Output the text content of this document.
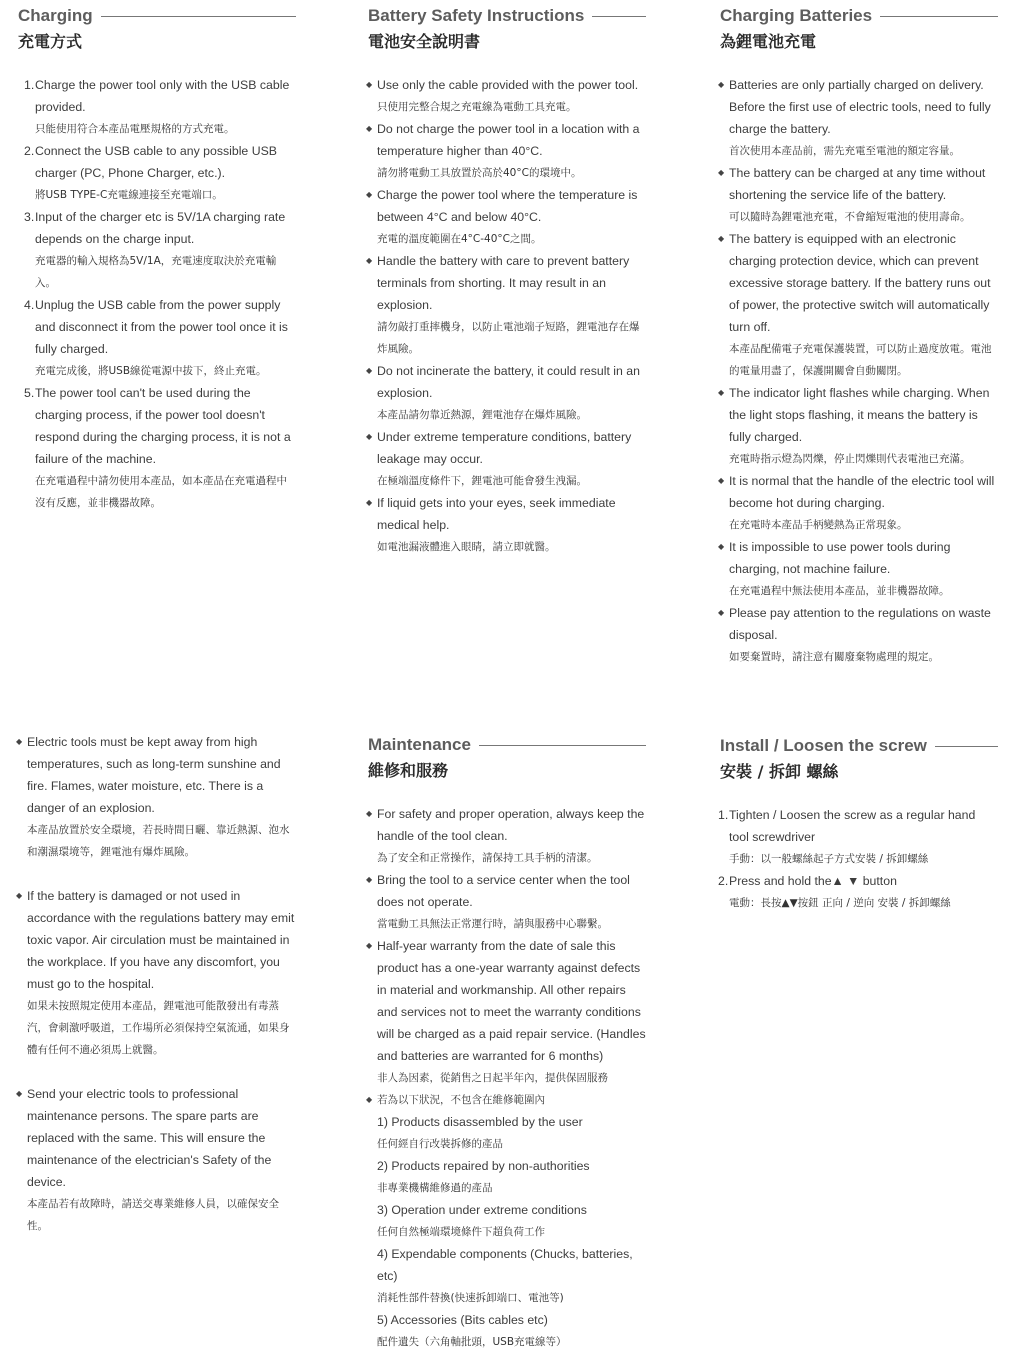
Charging
充電方式
1. Charge the power tool only with the USB cable provided.
只能使用符合本產品電壓規格的方式充電。
2. Connect the USB cable to any possible USB charger (PC, Phone Charger, etc.).
將USB TYPE-C充電線連接至充電端口。
3. Input of the charger etc is 5V/1A charging rate depends on the charge input.
充電器的輸入規格為5V/1A，充電速度取決於充電輸入。
4. Unplug the USB cable from the power supply and disconnect it from the power tool once it is fully charged.
充電完成後，將USB線從電源中拔下，終止充電。
5. The power tool can't be used during the charging process, if the power tool doesn't respond during the charging process, it is not a failure of the machine.
在充電過程中請勿使用本產品，如本產品在充電過程中沒有反應，並非機器故障。
Battery Safety Instructions
電池安全說明書
◆ Use only the cable provided with the power tool.
只使用完整合規之充電線為電動工具充電。
◆ Do not charge the power tool in a location with a temperature higher than 40°C.
請勿將電動工具放置於高於40°C的環境中。
◆ Charge the power tool where the temperature is between 4°C and below 40°C.
充電的溫度範圍在4°C-40°C之間。
◆ Handle the battery with care to prevent battery terminals from shorting. It may result in an explosion.
請勿敲打重摔機身，以防止電池端子短路，鋰電池存在爆炸風險。
◆ Do not incinerate the battery, it could result in an explosion.
本產品請勿靠近熱源，鋰電池存在爆炸風險。
◆ Under extreme temperature conditions, battery leakage may occur.
在極端溫度條件下，鋰電池可能會發生洩漏。
◆ If liquid gets into your eyes, seek immediate medical help.
如電池漏液體進入眼睛，請立即就醫。
Charging Batteries
為鋰電池充電
◆ Batteries are only partially charged on delivery. Before the first use of electric tools, need to fully charge the battery.
首次使用本產品前，需先充電至電池的額定容量。
◆ The battery can be charged at any time without shortening the service life of the battery.
可以隨時為鋰電池充電，不會縮短電池的使用壽命。
◆ The battery is equipped with an electronic charging protection device, which can prevent excessive storage battery. If the battery runs out of power, the protective switch will automatically turn off.
本產品配備電子充電保護裝置，可以防止過度放電。電池的電量用盡了，保護開關會自動關閉。
◆ The indicator light flashes while charging. When the light stops flashing, it means the battery is fully charged.
充電時指示燈為閃爍，停止閃爍則代表電池已充滿。
◆ It is normal that the handle of the electric tool will become hot during charging.
在充電時本產品手柄變熱為正常現象。
◆ It is impossible to use power tools during charging, not machine failure.
在充電過程中無法使用本產品，並非機器故障。
◆ Please pay attention to the regulations on waste disposal.
如要棄置時，請注意有關廢棄物處理的規定。
◆ Electric tools must be kept away from high temperatures, such as long-term sunshine and fire. Flames, water moisture, etc. There is a danger of an explosion.
本產品放置於安全環境，若長時間日曬、靠近熱源、泡水和潮濕環境等，鋰電池有爆炸風險。
◆ If the battery is damaged or not used in accordance with the regulations battery may emit toxic vapor. Air circulation must be maintained in the workplace. If you have any discomfort, you must go to the hospital.
如果未按照規定使用本產品，鋰電池可能散發出有毒蒸汽，會刺激呼吸道，工作場所必須保持空氣流通，如果身體有任何不適必須馬上就醫。
◆ Send your electric tools to professional maintenance persons. The spare parts are replaced with the same. This will ensure the maintenance of the electrician's Safety of the device.
本產品若有故障時，請送交專業維修人員，以確保安全性。
Maintenance
維修和服務
◆ For safety and proper operation, always keep the handle of the tool clean.
為了安全和正常操作，請保持工具手柄的清潔。
◆ Bring the tool to a service center when the tool does not operate.
當電動工具無法正常運行時，請與服務中心聯繫。
◆ Half-year warranty from the date of sale this product has a one-year warranty against defects in material and workmanship. All other repairs and services not to meet the warranty conditions will be charged as a paid repair service. (Handles and batteries are warranted for 6 months)
非人為因素，從銷售之日起半年內，提供保固服務
◆ 若為以下狀況，不包含在維修範圍內
1) Products disassembled by the user
任何經自行改裝拆修的產品
2) Products repaired by non-authorities
非專業機構維修過的產品
3) Operation under extreme conditions
任何自然極端環境條件下超負荷工作
4) Expendable components (Chucks, batteries, etc)
消耗性部件替換(快速拆卸端口、電池等)
5) Accessories (Bits cables etc)
配件遺失（六角軸批頭，USB充電線等）
Install / Loosen the screw
安裝 / 拆卸 螺絲
1. Tighten / Loosen the screw as a regular hand tool screwdriver
手動：以一般螺絲起子方式安裝 / 拆卸螺絲
2. Press and hold the▲ ▼ button
電動：長按▲▼按鈕 正向 / 逆向 安裝 / 拆卸螺絲
